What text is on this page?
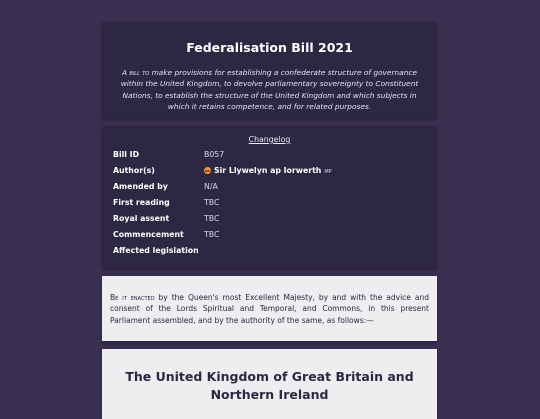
Federalisation Bill 2021
A bill to make provisions for establishing a confederate structure of governance within the United Kingdom, to devolve parliamentary sovereignty to Constituent Nations, to establish the structure of the United Kingdom and which subjects in which it retains competence, and for related purposes.
Changelog
Bill ID	B057
Author(s)	Sir Llywelyn ap Iorwerth MP
Amended by	N/A
First reading	TBC
Royal assent	TBC
Commencement	TBC
Affected legislation

Be it enacted by the Queen's most Excellent Majesty, by and with the advice and consent of the Lords Spiritual and Temporal, and Commons, in this present Parliament assembled, and by the authority of the same, as follows:—

The United Kingdom of Great Britain and Northern Ireland
